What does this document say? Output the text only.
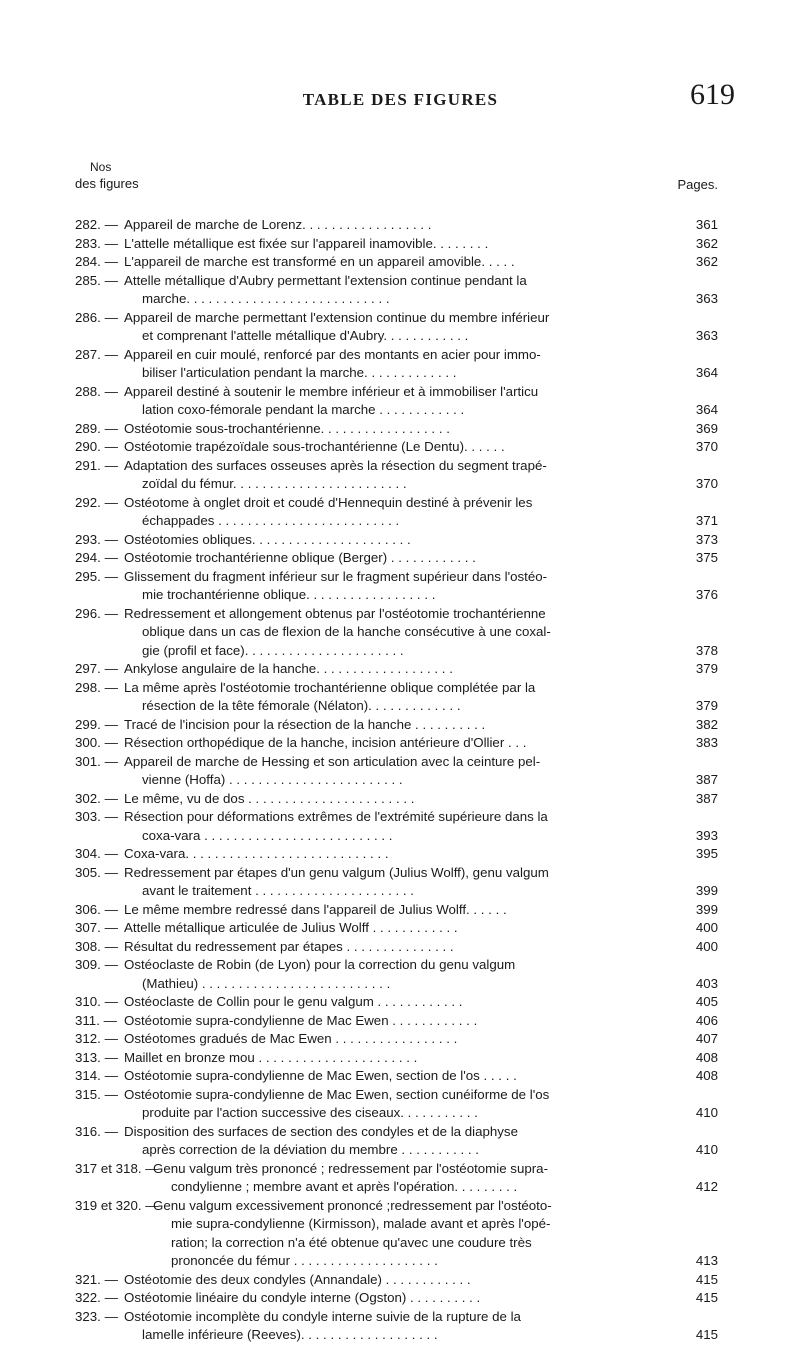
TABLE DES FIGURES	619
Nos
des figures	Pages.
282. — Appareil de marche de Lorenz. . . . . . . . . . . . . . . . . .	361
283. — L'attelle métallique est fixée sur l'appareil inamovible. . . . . . . .	362
284. — L'appareil de marche est transformé en un appareil amovible. . . . .	362
285. — Attelle métallique d'Aubry permettant l'extension continue pendant la
marche. . . . . . . . . . . . . . . . . . . . . . . . . . . .	363
286. — Appareil de marche permettant l'extension continue du membre inférieur
et comprenant l'attelle métallique d'Aubry. . . . . . . . . . . .	363
287. — Appareil en cuir moulé, renforcé par des montants en acier pour immo-
biliser l'articulation pendant la marche. . . . . . . . . . . . .	364
288. — Appareil destiné à soutenir le membre inférieur et à immobiliser l'articu
lation coxo-fémorale pendant la marche . . . . . . . . . . . .	364
289. — Ostéotomie sous-trochantérienne. . . . . . . . . . . . . . . . . .	369
290. — Ostéotomie trapézoïdale sous-trochantérienne (Le Dentu). . . . . .	370
291. — Adaptation des surfaces osseuses après la résection du segment trapé-
zoïdal du fémur. . . . . . . . . . . . . . . . . . . . . . . .	370
292. — Ostéotome à onglet droit et coudé d'Hennequin destiné à prévenir les
échappades . . . . . . . . . . . . . . . . . . . . . . . . .	371
293. — Ostéotomies obliques. . . . . . . . . . . . . . . . . . . . . .	373
294. — Ostéotomie trochantérienne oblique (Berger) . . . . . . . . . . . .	375
295. — Glissement du fragment inférieur sur le fragment supérieur dans l'ostéo-
mie trochantérienne oblique. . . . . . . . . . . . . . . . . .	376
296. — Redressement et allongement obtenus par l'ostéotomie trochantérienne
oblique dans un cas de flexion de la hanche consécutive à une coxal-
gie (profil et face). . . . . . . . . . . . . . . . . . . . . .	378
297. — Ankylose angulaire de la hanche. . . . . . . . . . . . . . . . . . .	379
298. — La même après l'ostéotomie trochantérienne oblique complétée par la
résection de la tête fémorale (Nélaton). . . . . . . . . . . . .	379
299. — Tracé de l'incision pour la résection de la hanche . . . . . . . . . .	382
300. — Résection orthopédique de la hanche, incision antérieure d'Ollier . . .	383
301. — Appareil de marche de Hessing et son articulation avec la ceinture pel-
vienne (Hoffa) . . . . . . . . . . . . . . . . . . . . . . . .	387
302. — Le même, vu de dos . . . . . . . . . . . . . . . . . . . . . . .	387
303. — Résection pour déformations extrêmes de l'extrémité supérieure dans la
coxa-vara . . . . . . . . . . . . . . . . . . . . . . . . . .	393
304. — Coxa-vara. . . . . . . . . . . . . . . . . . . . . . . . . . . .	395
305. — Redressement par étapes d'un genu valgum (Julius Wolff), genu valgum
avant le traitement . . . . . . . . . . . . . . . . . . . . . .	399
306. — Le même membre redressé dans l'appareil de Julius Wolff. . . . . .	399
307. — Attelle métallique articulée de Julius Wolff . . . . . . . . . . . .	400
308. — Résultat du redressement par étapes . . . . . . . . . . . . . . .	400
309. — Ostéoclaste de Robin (de Lyon) pour la correction du genu valgum
(Mathieu) . . . . . . . . . . . . . . . . . . . . . . . . . .	403
310. — Ostéoclaste de Collin pour le genu valgum . . . . . . . . . . . .	405
311. — Ostéotomie supra-condylienne de Mac Ewen . . . . . . . . . . . .	406
312. — Ostéotomes gradués de Mac Ewen . . . . . . . . . . . . . . . . .	407
313. — Maillet en bronze mou . . . . . . . . . . . . . . . . . . . . . .	408
314. — Ostéotomie supra-condylienne de Mac Ewen, section de l'os . . . . .	408
315. — Ostéotomie supra-condylienne de Mac Ewen, section cunéiforme de l'os
produite par l'action successive des ciseaux. . . . . . . . . . .	410
316. — Disposition des surfaces de section des condyles et de la diaphyse
après correction de la déviation du membre . . . . . . . . . . .	410
317 et 318. —
Genu valgum très prononcé ; redressement par l'ostéotomie supra-
condylienne ; membre avant et après l'opération. . . . . . . . .	412
319 et 320. —
Genu valgum excessivement prononcé ;redressement par l'ostéoto-
mie supra-condylienne (Kirmisson), malade avant et après l'opé-
ration; la correction n'a été obtenue qu'avec une coudure très
prononcée du fémur . . . . . . . . . . . . . . . . . . . .	413
321. — Ostéotomie des deux condyles (Annandale) . . . . . . . . . . . .	415
322. — Ostéotomie linéaire du condyle interne (Ogston) . . . . . . . . . .	415
323. — Ostéotomie incomplète du condyle interne suivie de la rupture de la
lamelle inférieure (Reeves). . . . . . . . . . . . . . . . . . .	415
